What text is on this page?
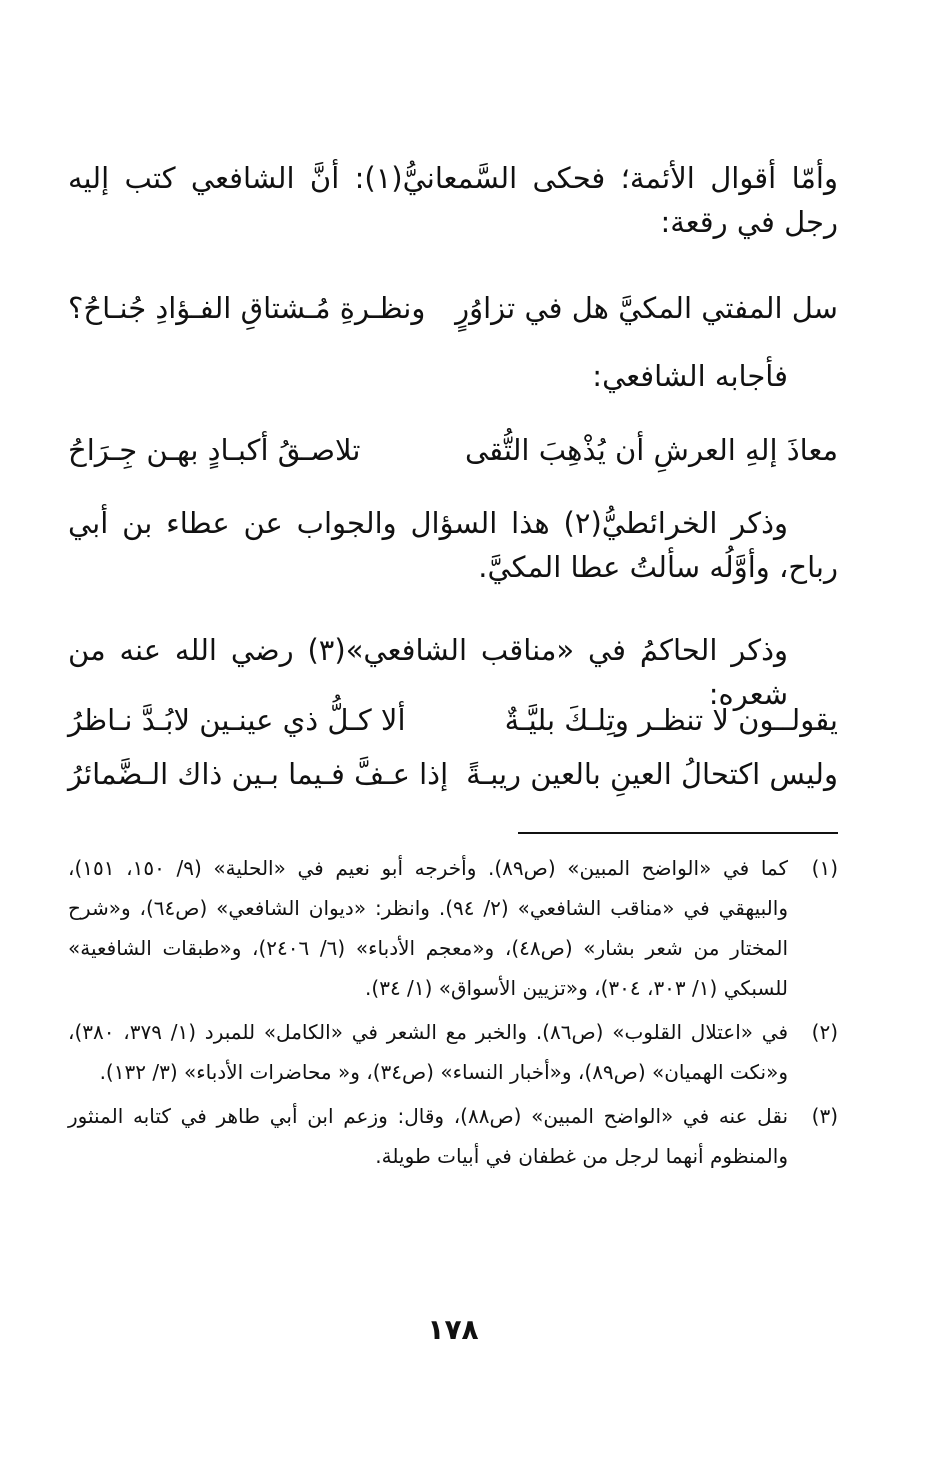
وأمّا أقوال الأئمة؛ فحكى السَّمعانيُّ(١): أنَّ الشافعي كتب إليه رجل في رقعة:

سل المفتي المكيَّ هل في تزاوُرٍ
ونظـرةِ مُـشتاقِ الفـؤادِ جُنـاحُ؟

فأجابه الشافعي:

معاذَ إلهِ العرشِ أن يُذْهِبَ التُّقى
تلاصـقُ أكبـادٍ بهـن جِـرَاحُ

وذكر الخرائطيُّ(٢) هذا السؤال والجواب عن عطاء بن أبي رباح، وأوَّلُه سألتُ عطا المكيَّ.

وذكر الحاكمُ في «مناقب الشافعي»(٣) رضي الله عنه من شعره:

يقولــون لا تنظـر وتِلـكَ بليَّـةٌ
ألا كـلُّ ذي عينـين لابُـدَّ نـاظرُ
وليس اكتحالُ العينِ بالعين ريبـةً
إذا عـفَّ فـيما بـين ذاك الـضَّمائرُ
(١)
كما في «الواضح المبين» (ص٨٩). وأخرجه أبو نعيم في «الحلية» (٩/ ١٥٠، ١٥١)، والبيهقي في «مناقب الشافعي» (٢/ ٩٤). وانظر: «ديوان الشافعي» (ص٦٤)، و«شرح المختار من شعر بشار» (ص٤٨)، و«معجم الأدباء» (٦/ ٢٤٠٦)، و«طبقات الشافعية» للسبكي (١/ ٣٠٣، ٣٠٤)، و«تزيين الأسواق» (١/ ٣٤).
(٢)
في «اعتلال القلوب» (ص٨٦). والخبر مع الشعر في «الكامل» للمبرد (١/ ٣٧٩، ٣٨٠)، و«نكت الهميان» (ص٨٩)، و«أخبار النساء» (ص٣٤)، و« محاضرات الأدباء» (٣/ ١٣٢).
(٣)
نقل عنه في «الواضح المبين» (ص٨٨)، وقال: وزعم ابن أبي طاهر في كتابه المنثور والمنظوم أنهما لرجل من غطفان في أبيات طويلة.
١٧٨
